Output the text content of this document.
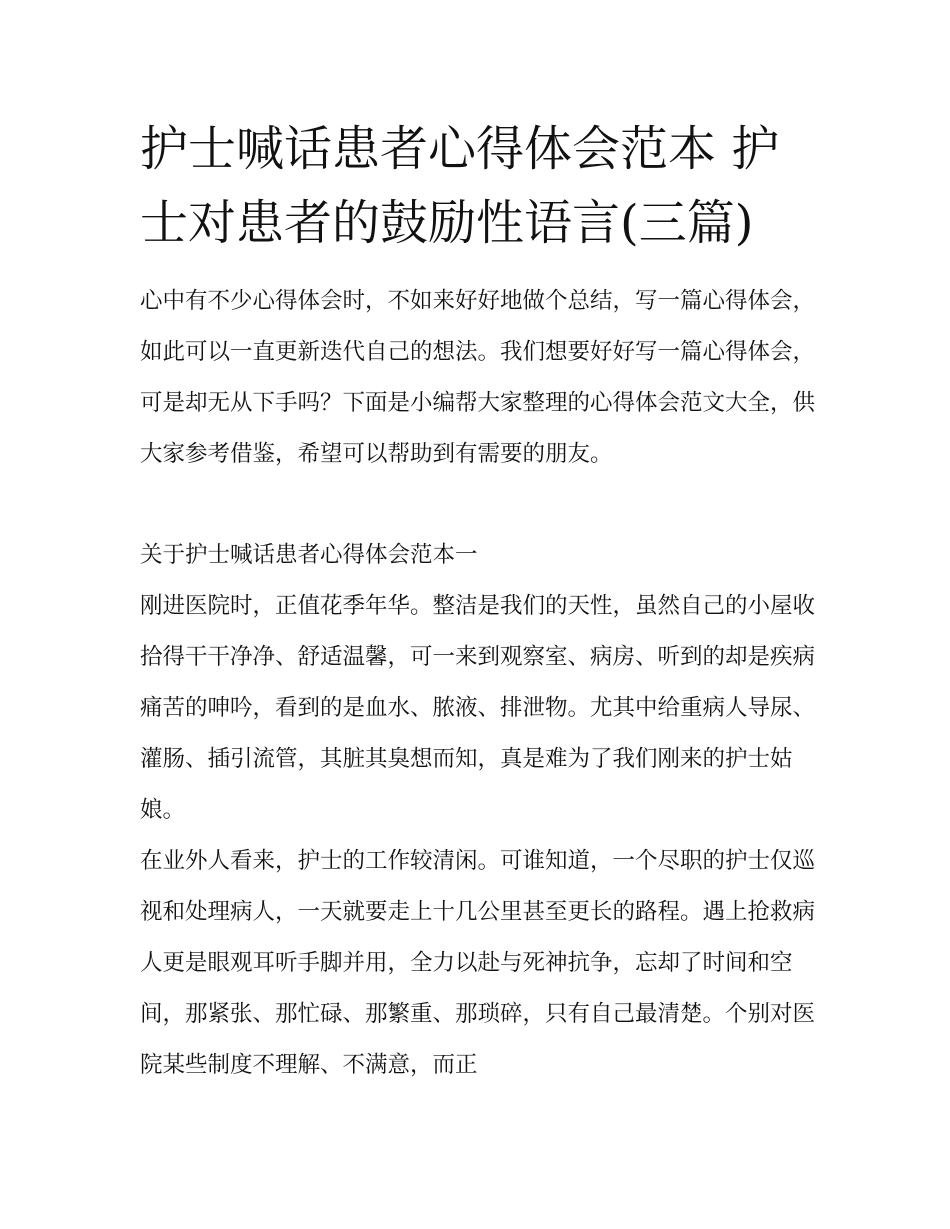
护士喊话患者心得体会范本 护士对患者的鼓励性语言(三篇)

心中有不少心得体会时，不如来好好地做个总结，写一篇心得体会，如此可以一直更新迭代自己的想法。我们想要好好写一篇心得体会，可是却无从下手吗？下面是小编帮大家整理的心得体会范文大全，供大家参考借鉴，希望可以帮助到有需要的朋友。

关于护士喊话患者心得体会范本一

刚进医院时，正值花季年华。整洁是我们的天性，虽然自己的小屋收拾得干干净净、舒适温馨，可一来到观察室、病房、听到的却是疾病痛苦的呻吟，看到的是血水、脓液、排泄物。尤其中给重病人导尿、灌肠、插引流管，其脏其臭想而知，真是难为了我们刚来的护士姑娘。

在业外人看来，护士的工作较清闲。可谁知道，一个尽职的护士仅巡视和处理病人，一天就要走上十几公里甚至更长的路程。遇上抢救病人更是眼观耳听手脚并用，全力以赴与死神抗争，忘却了时间和空间，那紧张、那忙碌、那繁重、那琐碎，只有自己最清楚。个别对医院某些制度不理解、不满意，而正
